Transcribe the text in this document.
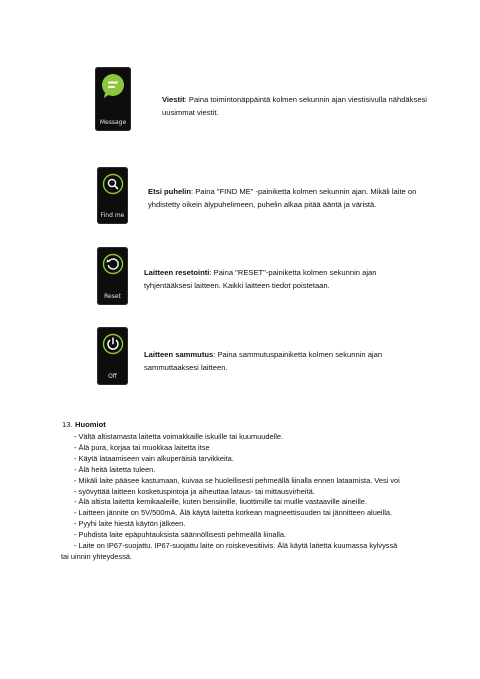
Message
Viestit: Paina toimintonäppäintä kolmen sekunnin ajan viestisivulla nähdäksesi uusimmat viestit.
Find me
Etsi puhelin: Paina "FIND ME" -painiketta kolmen sekunnin ajan. Mikäli laite on yhdistetty oikein älypuhelimeen, puhelin alkaa pitää ääntä ja väristä.
Reset
Laitteen resetointi: Paina "RESET"-painiketta kolmen sekunnin ajan tyhjentääksesi laitteen. Kaikki laitteen tiedot poistetaan.
Off
Laitteen sammutus: Paina sammutuspainiketta kolmen sekunnin ajan sammuttaaksesi laitteen.
13. Huomiot
- Vältä altistamasta laitetta voimakkaille iskuille tai kuumuudelle.
- Älä pura, korjaa tai muokkaa laitetta itse
- Käytä lataamiseen vain alkuperäisiä tarvikkeita.
- Älä heitä laitetta tuleen.
- Mikäli laite pääsee kastumaan, kuivaa se huolellisesti pehmeällä liinalla ennen lataamista. Vesi voi
- syövyttää laitteen kosketuspintoja ja aiheuttaa lataus- tai mittausvirheitä.
- Älä altista laitetta kemikaaleille, kuten bensiinille, liuottimille tai muille vastaaville aineille.
- Laitteen jännite on 5V/500mA. Älä käytä laitetta korkean magneettisuuden tai jännitteen alueilla.
- Pyyhi laite hiestä käytön jälkeen.
- Puhdista laite epäpuhtauksista säännöllisesti pehmeällä liinalla.
- Laite on IP67-suojattu. IP67-suojattu laite on roiskevesitiivis. Älä käytä laitetta kuumassa kylvyssä
tai uinnin yhteydessä.
